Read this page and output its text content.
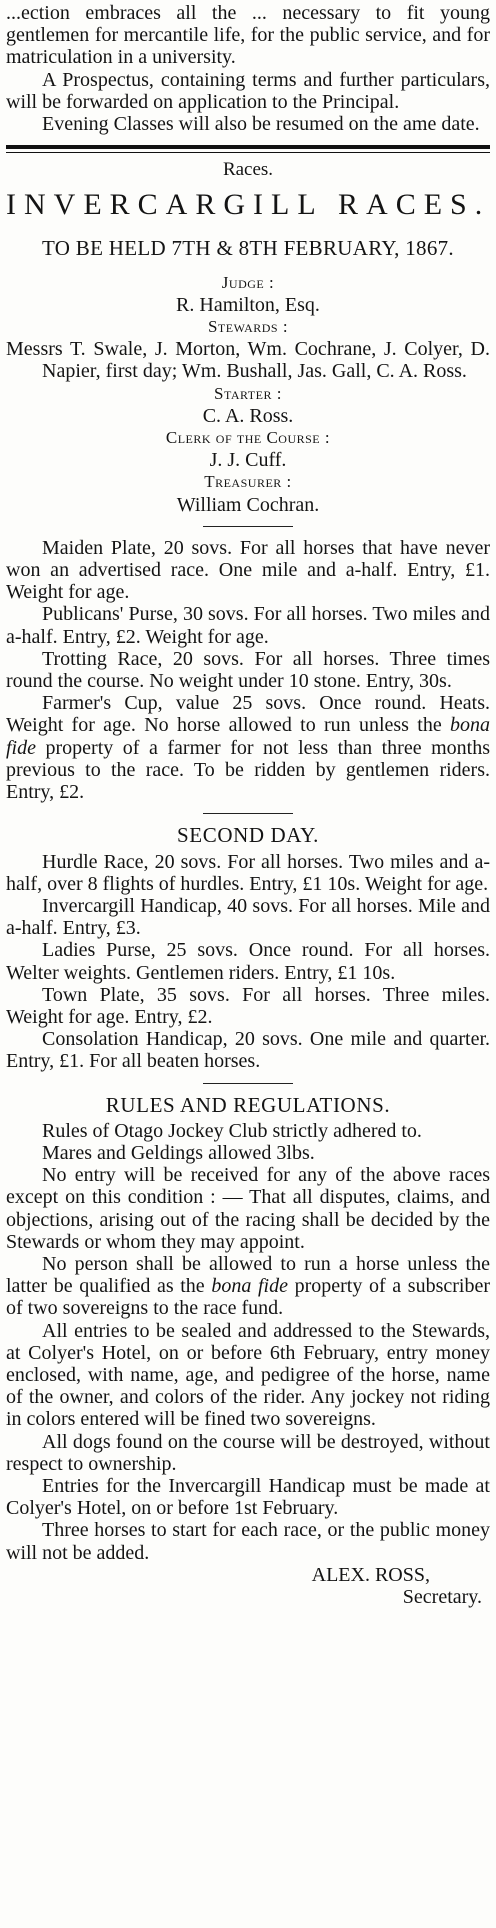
...ection embraces all the ... necessary to fit young gentlemen for mercantile life, for the public service, and for matriculation in a university.

A Prospectus, containing terms and further particulars, will be forwarded on application to the Principal.

Evening Classes will also be resumed on the ame date.

Races.

INVERCARGILL RACES.

TO BE HELD 7TH & 8TH FEBRUARY, 1867.

Judge :

R. Hamilton, Esq.

Stewards :

Messrs T. Swale, J. Morton, Wm. Cochrane, J. Colyer, D. Napier, first day; Wm. Bushall, Jas. Gall, C. A. Ross.

Starter :

C. A. Ross.

Clerk of the Course :

J. J. Cuff.

Treasurer :

William Cochran.

Maiden Plate, 20 sovs. For all horses that have never won an advertised race. One mile and a-half. Entry, £1. Weight for age.

Publicans' Purse, 30 sovs. For all horses. Two miles and a-half. Entry, £2. Weight for age.

Trotting Race, 20 sovs. For all horses. Three times round the course. No weight under 10 stone. Entry, 30s.

Farmer's Cup, value 25 sovs. Once round. Heats. Weight for age. No horse allowed to run unless the bona fide property of a farmer for not less than three months previous to the race. To be ridden by gentlemen riders. Entry, £2.

SECOND DAY.

Hurdle Race, 20 sovs. For all horses. Two miles and a-half, over 8 flights of hurdles. Entry, £1 10s. Weight for age.

Invercargill Handicap, 40 sovs. For all horses. Mile and a-half. Entry, £3.

Ladies Purse, 25 sovs. Once round. For all horses. Welter weights. Gentlemen riders. Entry, £1 10s.

Town Plate, 35 sovs. For all horses. Three miles. Weight for age. Entry, £2.

Consolation Handicap, 20 sovs. One mile and quarter. Entry, £1. For all beaten horses.

RULES AND REGULATIONS.

Rules of Otago Jockey Club strictly adhered to.

Mares and Geldings allowed 3lbs.

No entry will be received for any of the above races except on this condition : — That all disputes, claims, and objections, arising out of the racing shall be decided by the Stewards or whom they may appoint.

No person shall be allowed to run a horse unless the latter be qualified as the bona fide property of a subscriber of two sovereigns to the race fund.

All entries to be sealed and addressed to the Stewards, at Colyer's Hotel, on or before 6th February, entry money enclosed, with name, age, and pedigree of the horse, name of the owner, and colors of the rider. Any jockey not riding in colors entered will be fined two sovereigns.

All dogs found on the course will be destroyed, without respect to ownership.

Entries for the Invercargill Handicap must be made at Colyer's Hotel, on or before 1st February.

Three horses to start for each race, or the public money will not be added.

ALEX. ROSS,

Secretary.
